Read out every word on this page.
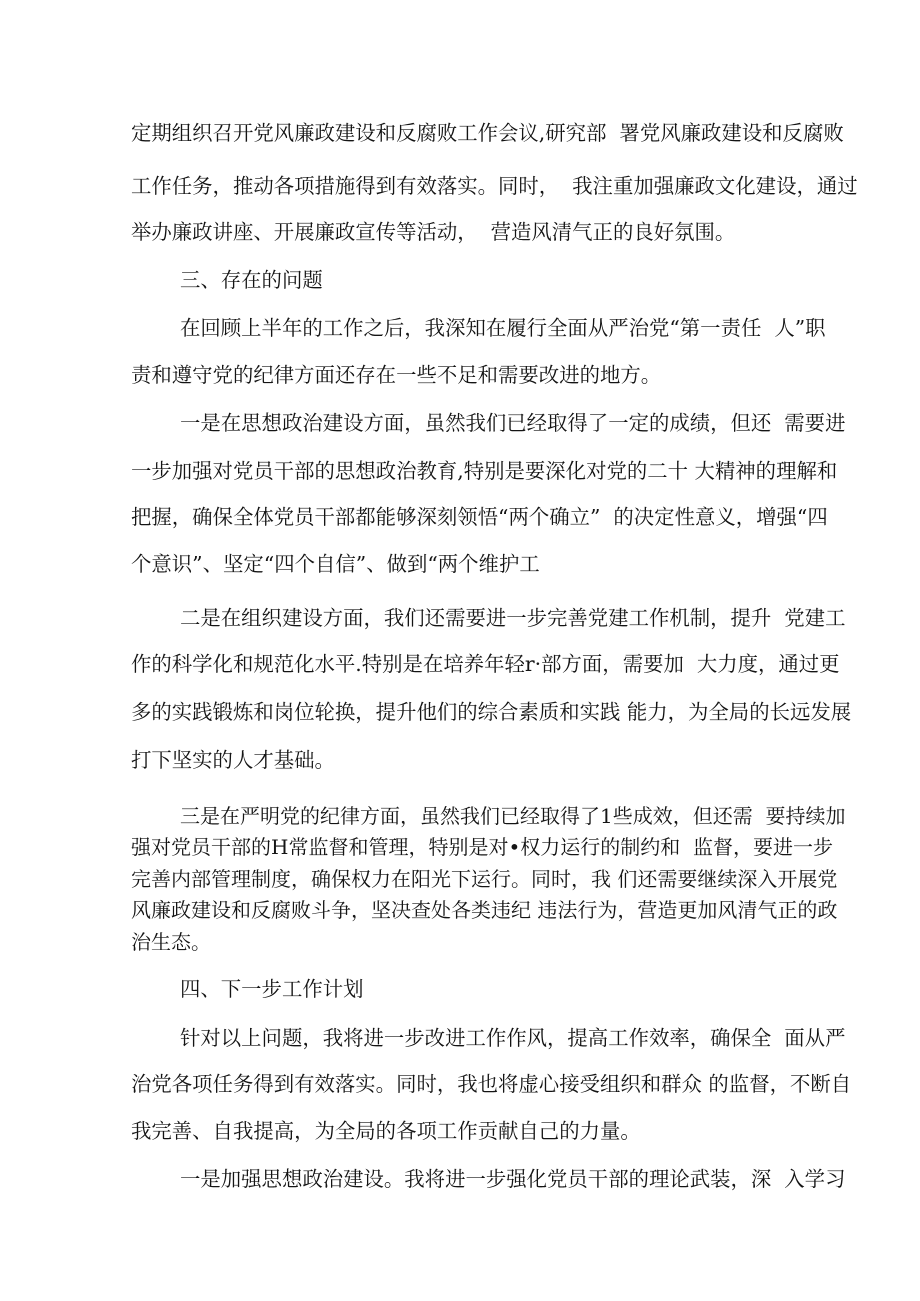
定期组织召开党风廉政建设和反腐败工作会议,研究部  署党风廉政建设和反腐败
工作任务，推动各项措施得到有效落实。同时，  我注重加强廉政文化建设，通过
举办廉政讲座、开展廉政宣传等活动，  营造风清气正的良好氛围。
三、存在的问题
在回顾上半年的工作之后，我深知在履行全面从严治党“第一责任  人”职
责和遵守党的纪律方面还存在一些不足和需要改进的地方。
一是在思想政治建设方面，虽然我们已经取得了一定的成绩，但还  需要进
一步加强对党员干部的思想政治教育,特别是要深化对党的二十 大精神的理解和
把握，确保全体党员干部都能够深刻领悟“两个确立”  的决定性意义，增强“四
个意识”、坚定“四个自信”、做到“两个维护工
二是在组织建设方面，我们还需要进一步完善党建工作机制，提升  党建工
作的科学化和规范化水平.特别是在培养年轻r·部方面，需要加  大力度，通过更
多的实践锻炼和岗位轮换，提升他们的综合素质和实践 能力，为全局的长远发展
打下坚实的人才基础。
三是在严明党的纪律方面，虽然我们已经取得了1些成效，但还需  要持续加
强对党员干部的H常监督和管理，特别是对•权力运行的制约和  监督，要进一步
完善内部管理制度，确保权力在阳光下运行。同时，我 们还需要继续深入开展党
风廉政建设和反腐败斗争，坚决查处各类违纪 违法行为，营造更加风清气正的政
治生态。
四、下一步工作计划
针对以上问题，我将进一步改进工作作风，提高工作效率，确保全  面从严
治党各项任务得到有效落实。同时，我也将虚心接受组织和群众 的监督，不断自
我完善、自我提高，为全局的各项工作贡献自己的力量。
一是加强思想政治建设。我将进一步强化党员干部的理论武装，深  入学习
